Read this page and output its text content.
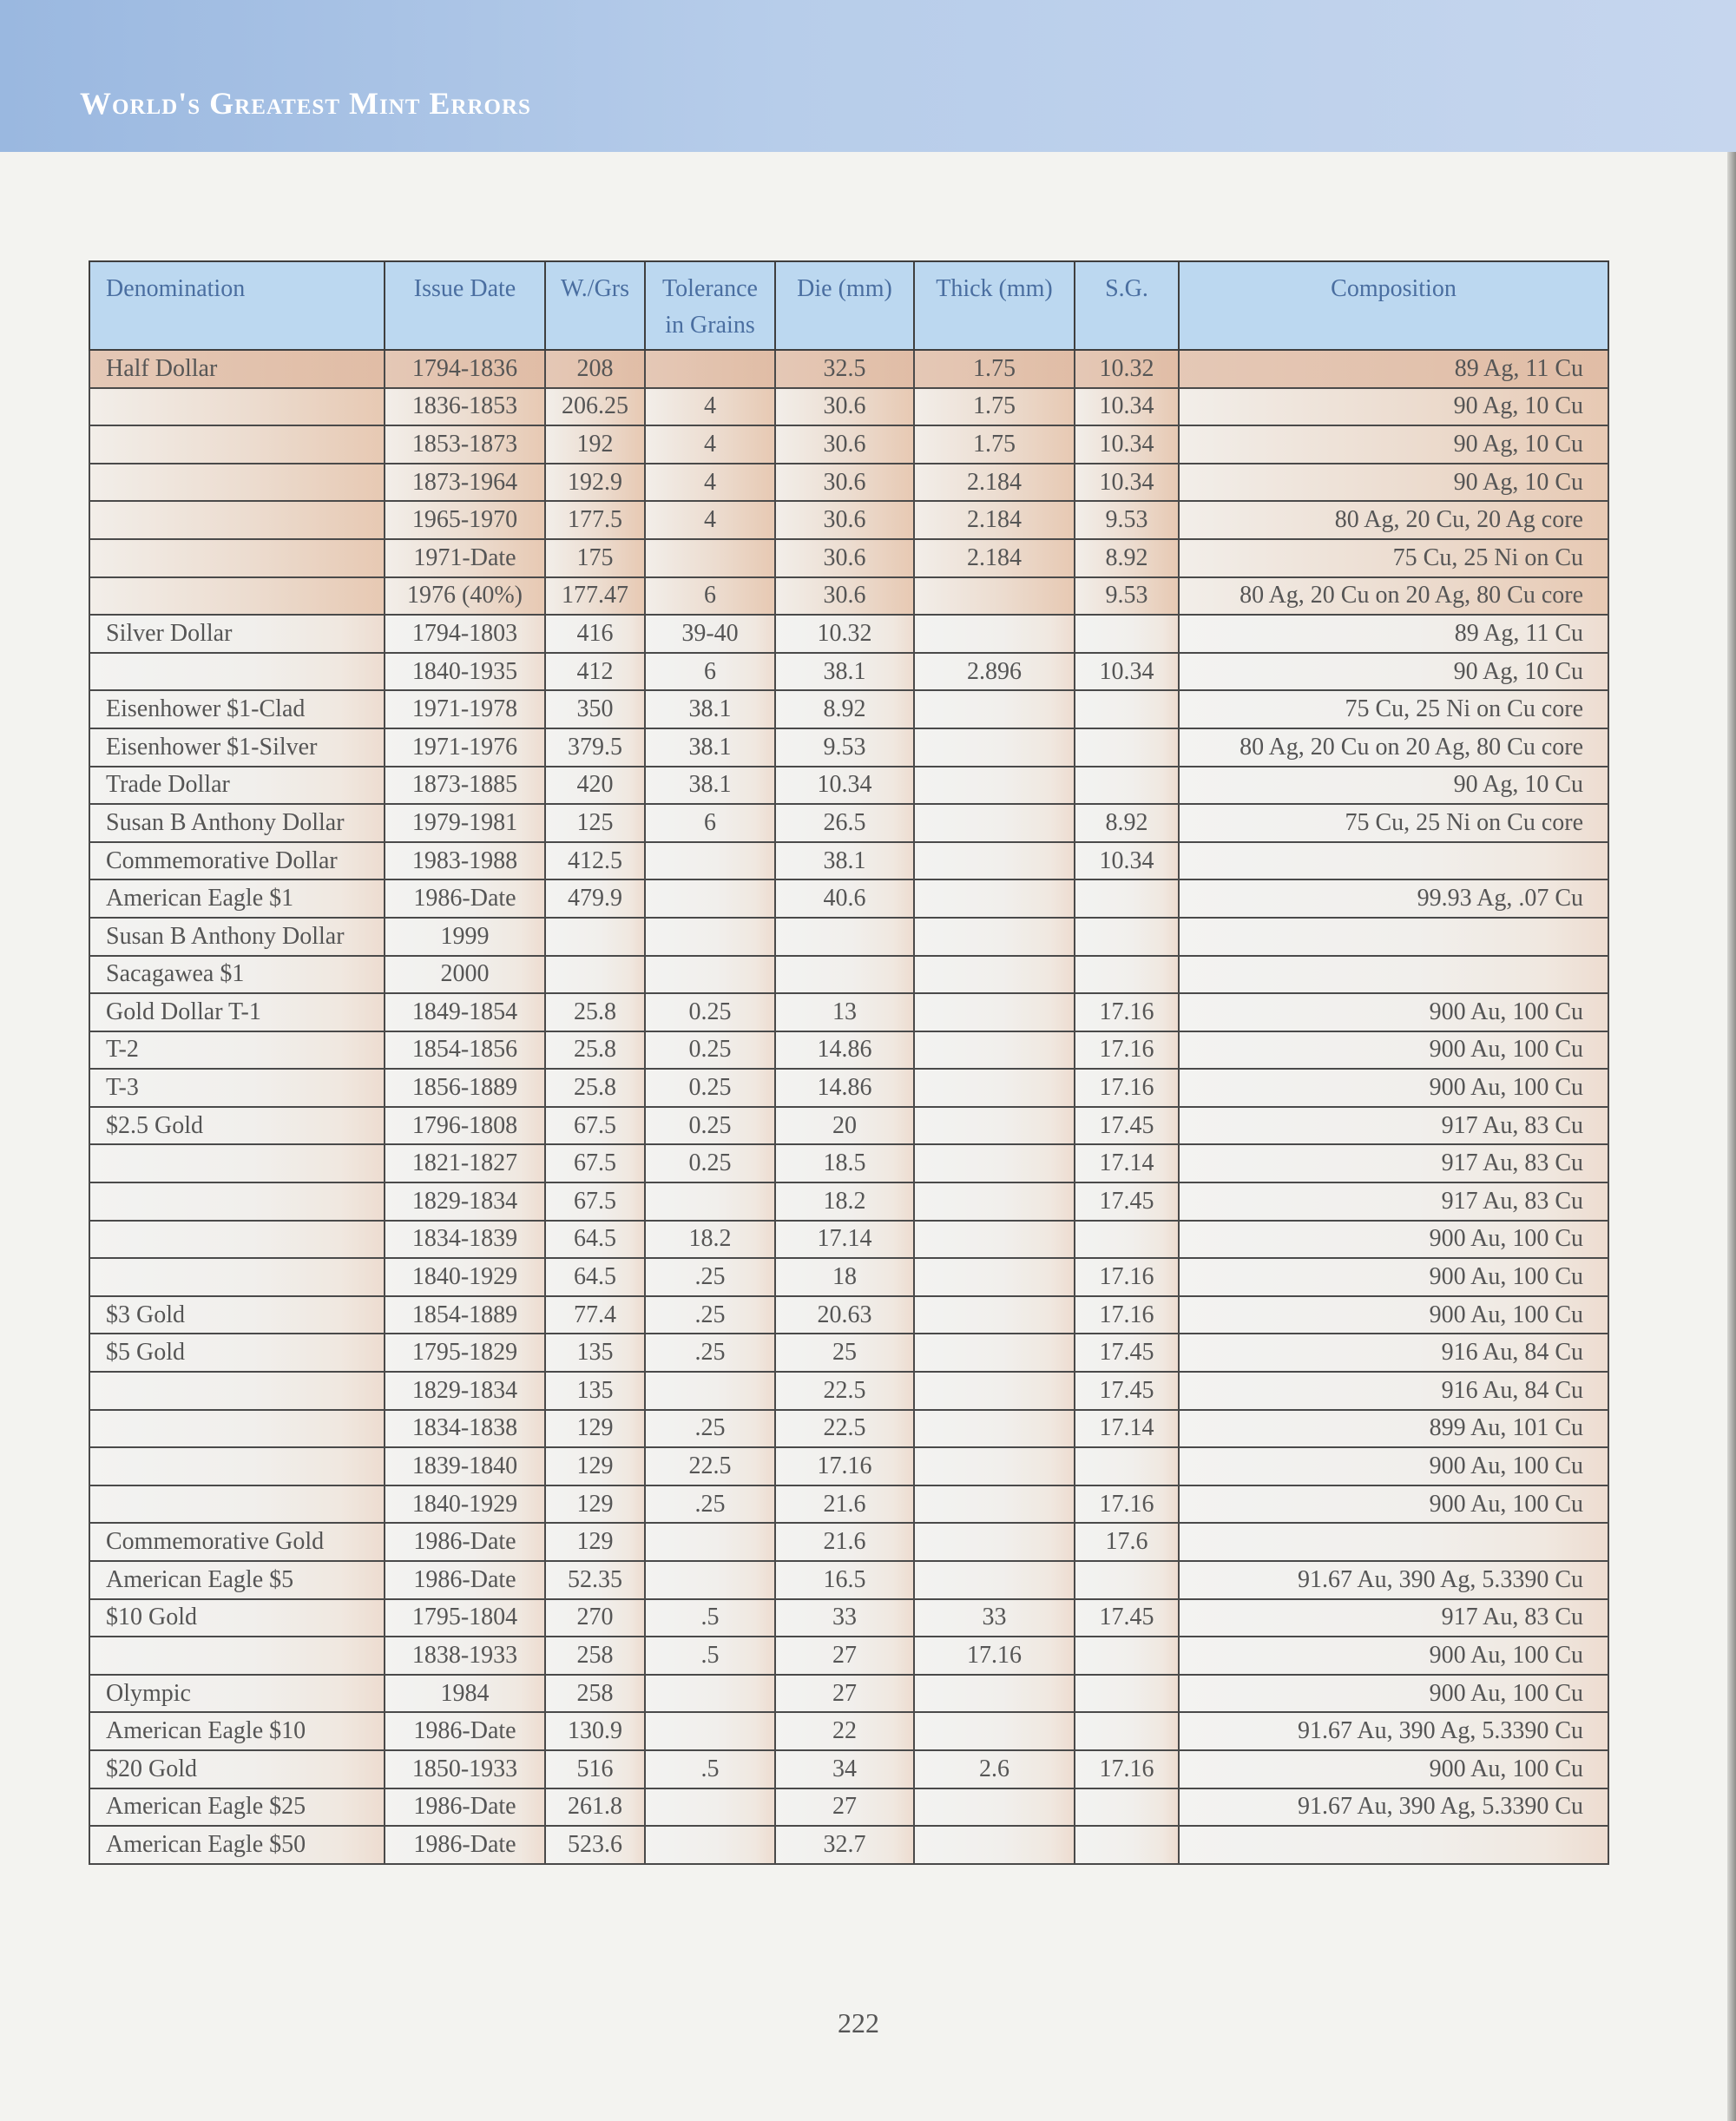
World's Greatest Mint Errors
Denomination	Issue Date	W./Grs	Tolerance in Grains	Die (mm)	Thick (mm)	S.G.	Composition
Half Dollar	1794-1836	208		32.5	1.75	10.32	89 Ag, 11 Cu
	1836-1853	206.25	4	30.6	1.75	10.34	90 Ag, 10 Cu
	1853-1873	192	4	30.6	1.75	10.34	90 Ag, 10 Cu
	1873-1964	192.9	4	30.6	2.184	10.34	90 Ag, 10 Cu
	1965-1970	177.5	4	30.6	2.184	9.53	80 Ag, 20 Cu, 20 Ag core
	1971-Date	175		30.6	2.184	8.92	75 Cu, 25 Ni on Cu
	1976 (40%)	177.47	6	30.6		9.53	80 Ag, 20 Cu on 20 Ag, 80 Cu core
Silver Dollar	1794-1803	416	39-40	10.32			89 Ag, 11 Cu
	1840-1935	412	6	38.1	2.896	10.34	90 Ag, 10 Cu
Eisenhower $1-Clad	1971-1978	350	38.1	8.92			75 Cu, 25 Ni on Cu core
Eisenhower $1-Silver	1971-1976	379.5	38.1	9.53			80 Ag, 20 Cu on 20 Ag, 80 Cu core
Trade Dollar	1873-1885	420	38.1	10.34			90 Ag, 10 Cu
Susan B Anthony Dollar	1979-1981	125	6	26.5		8.92	75 Cu, 25 Ni on Cu core
Commemorative Dollar	1983-1988	412.5		38.1		10.34	
American Eagle $1	1986-Date	479.9		40.6			99.93 Ag, .07 Cu
Susan B Anthony Dollar	1999						
Sacagawea $1	2000						
Gold Dollar T-1	1849-1854	25.8	0.25	13		17.16	900 Au, 100 Cu
T-2	1854-1856	25.8	0.25	14.86		17.16	900 Au, 100 Cu
T-3	1856-1889	25.8	0.25	14.86		17.16	900 Au, 100 Cu
$2.5 Gold	1796-1808	67.5	0.25	20		17.45	917 Au, 83 Cu
	1821-1827	67.5	0.25	18.5		17.14	917 Au, 83 Cu
	1829-1834	67.5		18.2		17.45	917 Au, 83 Cu
	1834-1839	64.5	18.2	17.14			900 Au, 100 Cu
	1840-1929	64.5	.25	18		17.16	900 Au, 100 Cu
$3 Gold	1854-1889	77.4	.25	20.63		17.16	900 Au, 100 Cu
$5 Gold	1795-1829	135	.25	25		17.45	916 Au, 84 Cu
	1829-1834	135		22.5		17.45	916 Au, 84 Cu
	1834-1838	129	.25	22.5		17.14	899 Au, 101 Cu
	1839-1840	129	22.5	17.16			900 Au, 100 Cu
	1840-1929	129	.25	21.6		17.16	900 Au, 100 Cu
Commemorative Gold	1986-Date	129		21.6		17.6	
American Eagle $5	1986-Date	52.35		16.5			91.67 Au, 390 Ag, 5.3390 Cu
$10 Gold	1795-1804	270	.5	33	33	17.45	917 Au, 83 Cu
	1838-1933	258	.5	27	17.16		900 Au, 100 Cu
Olympic	1984	258		27			900 Au, 100 Cu
American Eagle $10	1986-Date	130.9		22			91.67 Au, 390 Ag, 5.3390 Cu
$20 Gold	1850-1933	516	.5	34	2.6	17.16	900 Au, 100 Cu
American Eagle $25	1986-Date	261.8		27			91.67 Au, 390 Ag, 5.3390 Cu
American Eagle $50	1986-Date	523.6		32.7			
222
